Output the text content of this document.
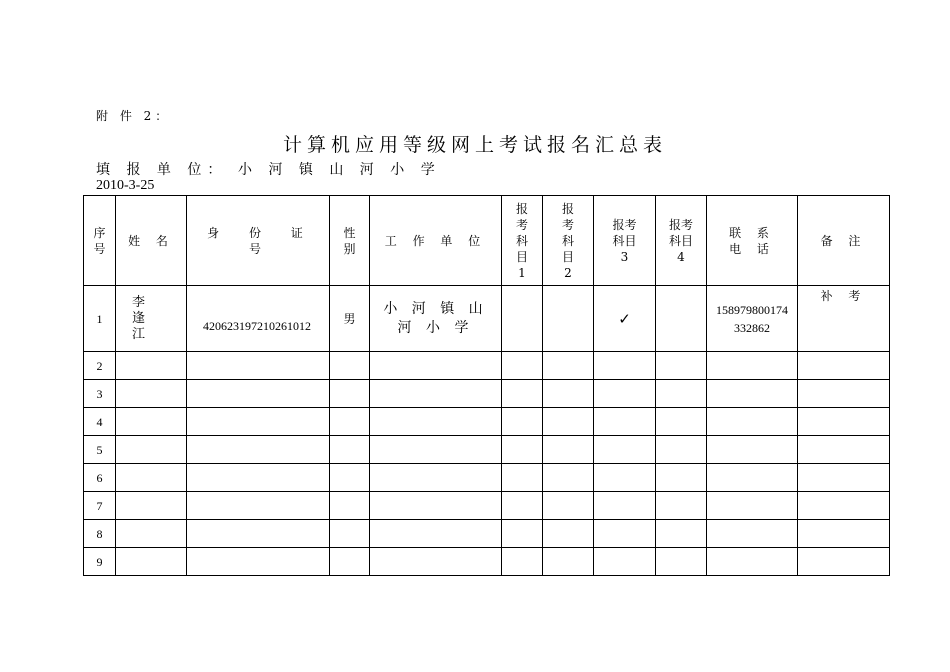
附 件 2：
计算机应用等级网上考试报名汇总表
填 报 单 位： 小 河 镇 山 河 小 学
2010-3-25
序号	姓 名	身 份 证 号	性别	工 作 单 位	报考科目1	报考科目2	报考科目3	报考科目4	联 系 电 话	备 注
1	李 逢 江	420623197210261012	男	小 河 镇 山 河 小 学			✓		158979800174332862	补 考
2										
3										
4										
5										
6										
7										
8										
9										
